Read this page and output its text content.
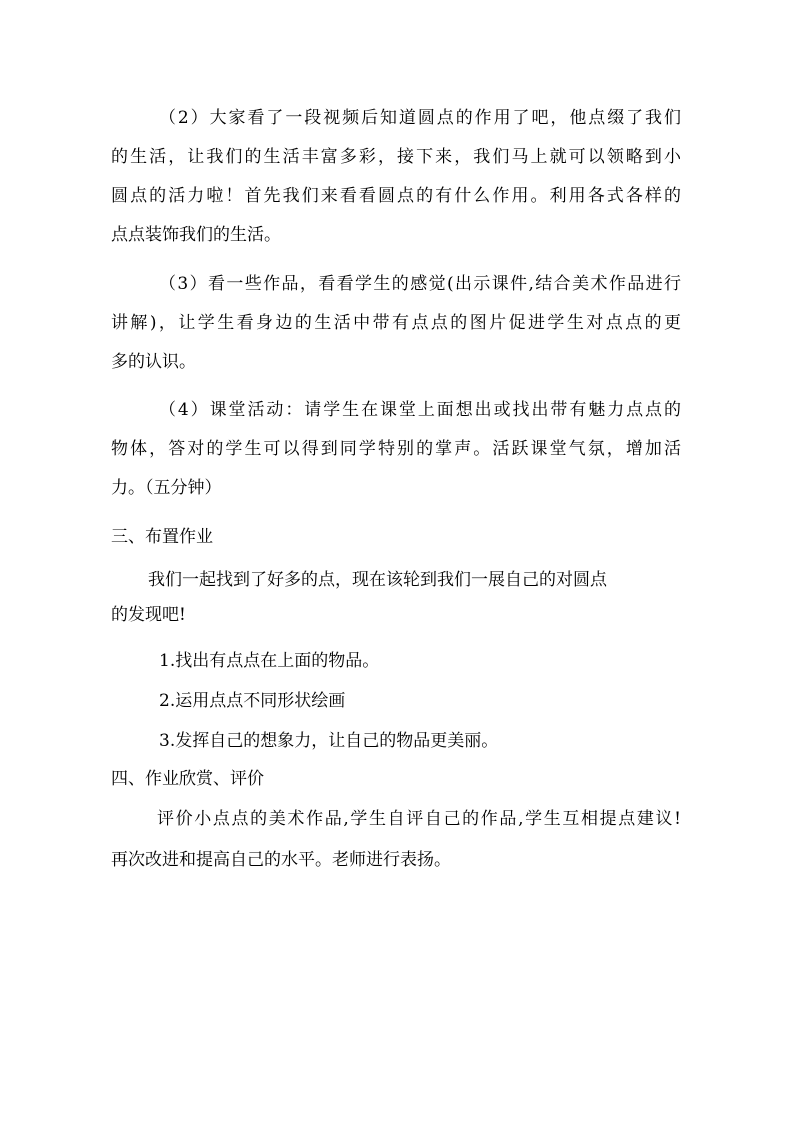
（2）大家看了一段视频后知道圆点的作用了吧，他点缀了我们
的生活，让我们的生活丰富多彩，接下来，我们马上就可以领略到小
圆点的活力啦！首先我们来看看圆点的有什么作用。利用各式各样的
点点装饰我们的生活。
（3）看一些作品，看看学生的感觉(出示课件,结合美术作品进行
讲解)，让学生看身边的生活中带有点点的图片促进学生对点点的更
多的认识。
（4）课堂活动：请学生在课堂上面想出或找出带有魅力点点的
物体，答对的学生可以得到同学特别的掌声。活跃课堂气氛，增加活
力。（五分钟）
三、布置作业
我们一起找到了好多的点，现在该轮到我们一展自己的对圆点
的发现吧!
1.找出有点点在上面的物品。
2.运用点点不同形状绘画
3.发挥自己的想象力，让自己的物品更美丽。
四、作业欣赏、评价
评价小点点的美术作品,学生自评自己的作品,学生互相提点建议!
再次改进和提高自己的水平。老师进行表扬。
